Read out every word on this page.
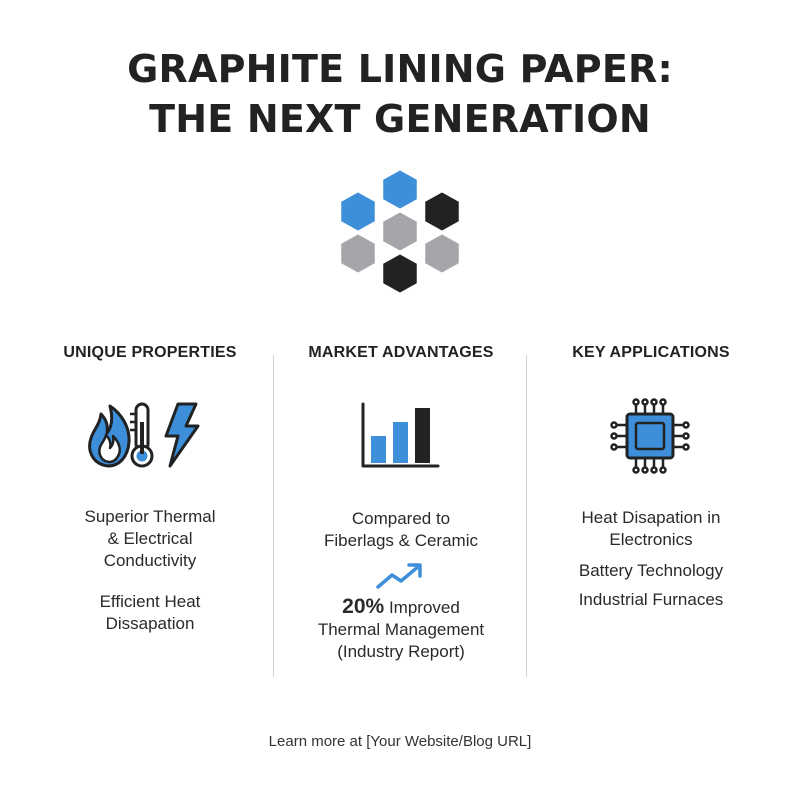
GRAPHITE LINING PAPER:
THE NEXT GENERATION
UNIQUE PROPERTIES	MARKET ADVANTAGES	KEY APPLICATIONS
Superior Thermal
& Electrical
Conductivity
Efficient Heat
Dissapation
Compared to
Fiberlags & Ceramic
20% Improved
Thermal Management
(Industry Report)
Heat Disapation in
Electronics
Battery Technology
Industrial Furnaces
Learn more at [Your Website/Blog URL]
